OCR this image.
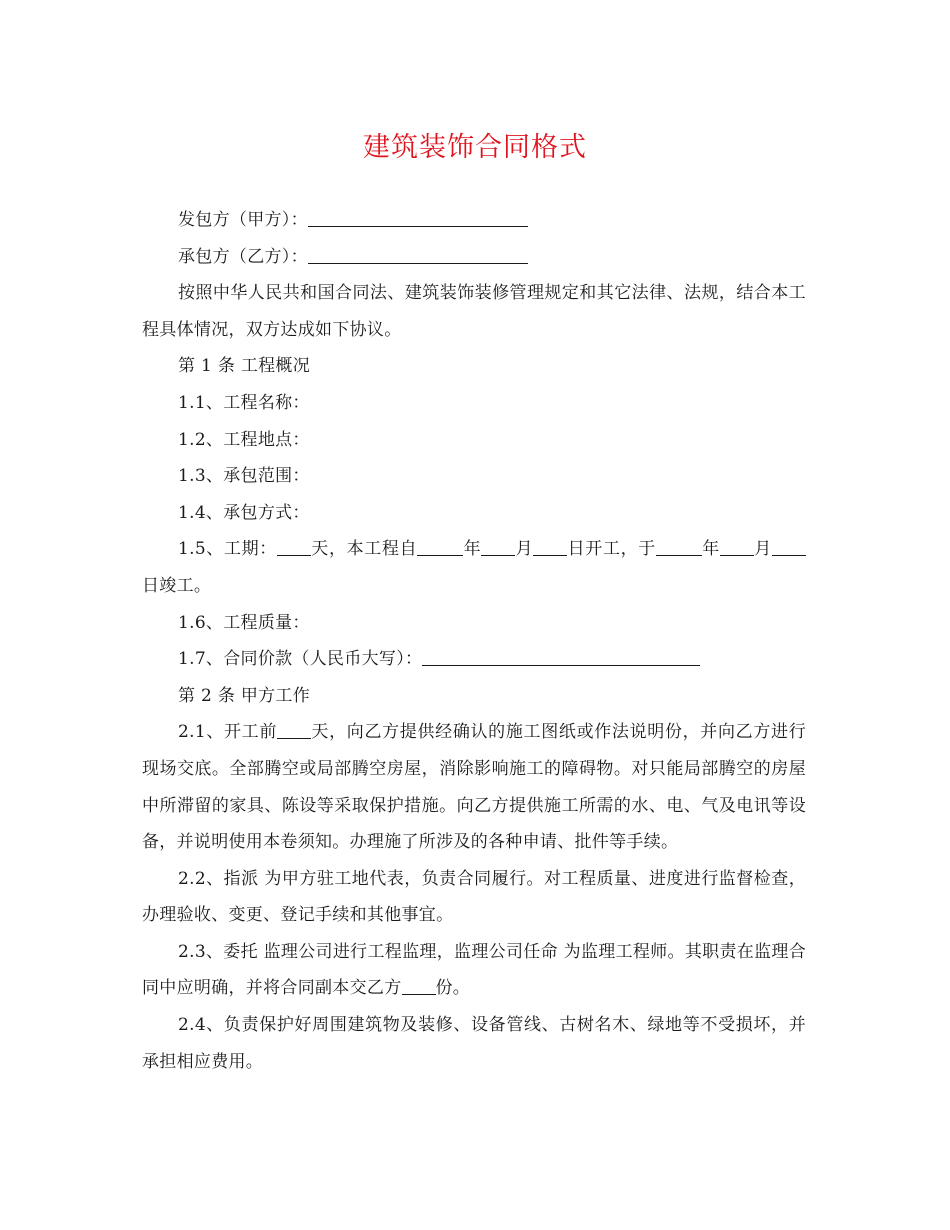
建筑装饰合同格式

发包方（甲方）：

承包方（乙方）：

按照中华人民共和国合同法、建筑装饰装修管理规定和其它法律、法规，结合本工程具体情况，双方达成如下协议。

第 1 条 工程概况

1.1、工程名称：

1.2、工程地点：

1.3、承包范围：

1.4、承包方式：

1.5、工期： 天，本工程自	年 月 日开工，于	年 月日竣工。

1.6、工程质量：

1.7、合同价款（人民币大写）：

第 2 条 甲方工作

2.1、开工前 天，向乙方提供经确认的施工图纸或作法说明份，并向乙方进行现场交底。全部腾空或局部腾空房屋，消除影响施工的障碍物。对只能局部腾空的房屋中所滞留的家具、陈设等采取保护措施。向乙方提供施工所需的水、电、气及电讯等设备，并说明使用本卷须知。办理施了所涉及的各种申请、批件等手续。

2.2、指派 为甲方驻工地代表，负责合同履行。对工程质量、进度进行监督检查，办理验收、变更、登记手续和其他事宜。

2.3、委托 监理公司进行工程监理，监理公司任命 为监理工程师。其职责在监理合同中应明确，并将合同副本交乙方 份。

2.4、负责保护好周围建筑物及装修、设备管线、古树名木、绿地等不受损坏，并承担相应费用。
